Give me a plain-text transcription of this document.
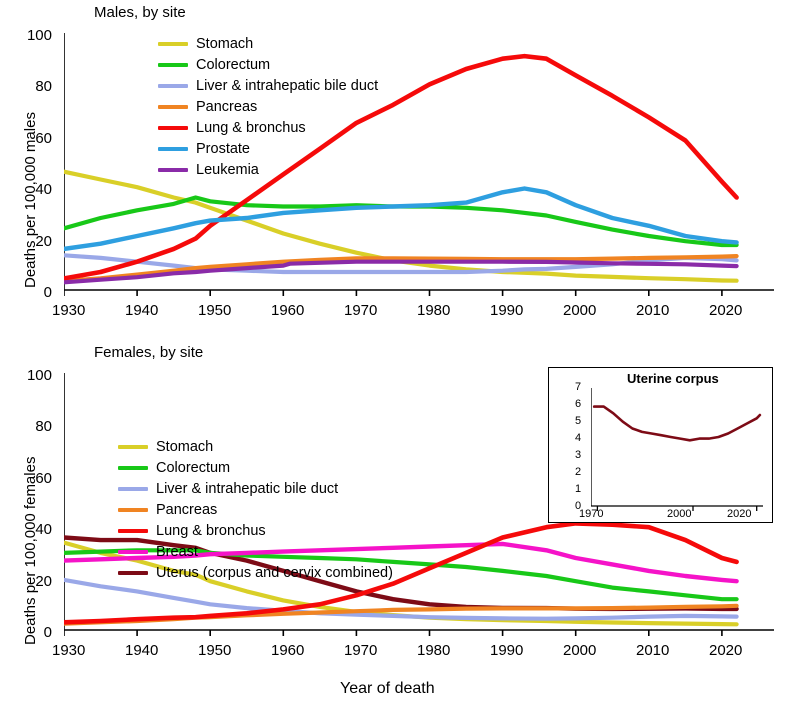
Males, by site
Deaths per 100,000 males
100
80
60
40
20
0
1930	1940	1950	1960	1970	1980	1990	2000	2010	2020
Stomach
Colorectum
Liver & intrahepatic bile duct
Pancreas
Lung & bronchus
Prostate
Leukemia
Females, by site
Deaths per 100,000 females
100
80
60
40
20
0
1930	1940	1950	1960	1970	1980	1990	2000	2010	2020
Stomach
Colorectum
Liver & intrahepatic bile duct
Pancreas
Lung & bronchus
Breast
Uterus (corpus and cervix combined)
Year of death
Uterine corpus
7
6
5
4
3
2
1
0
1970	2000	2020
